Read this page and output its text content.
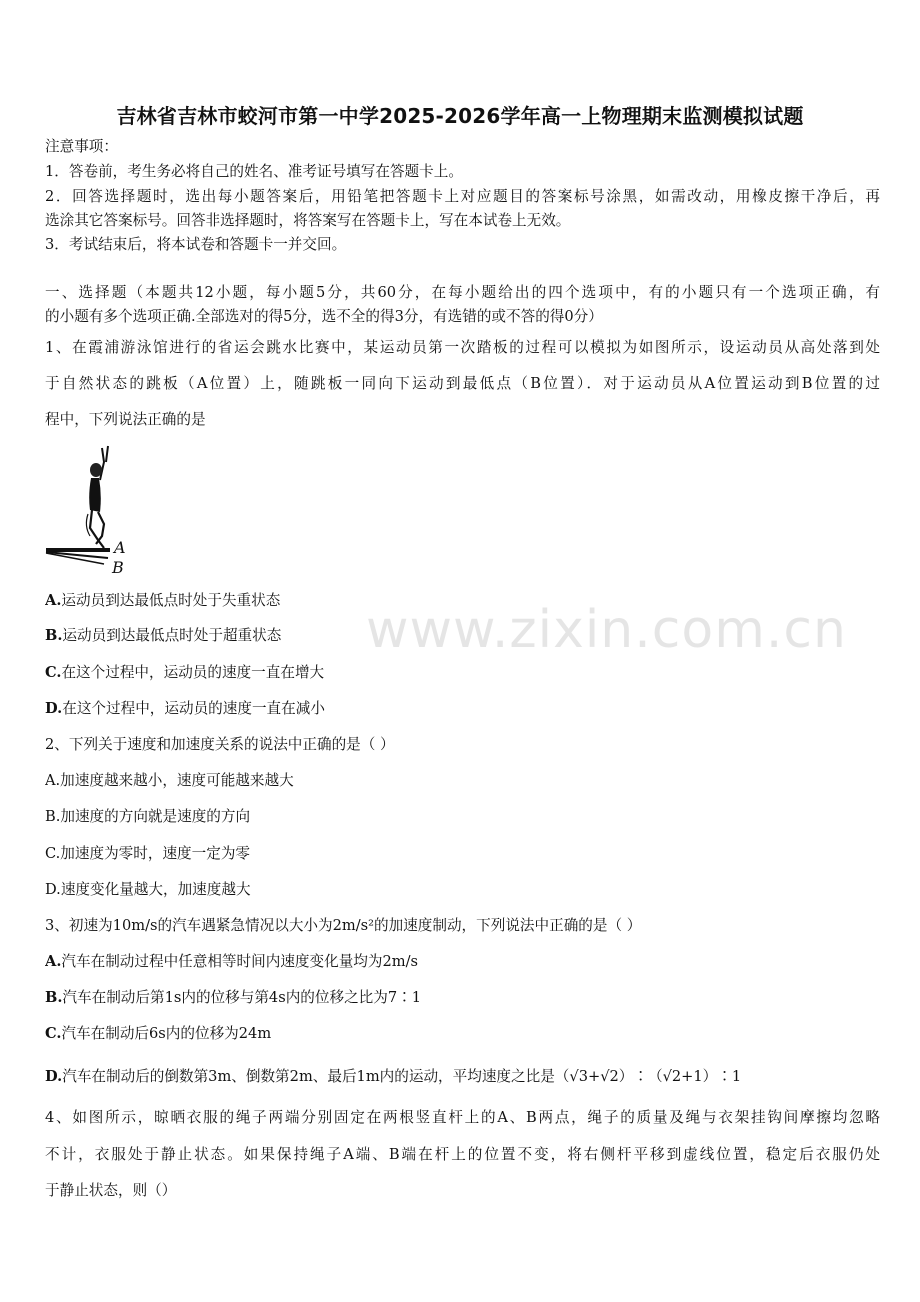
吉林省吉林市蛟河市第一中学2025-2026学年高一上物理期末监测模拟试题
注意事项：
1．答卷前，考生务必将自己的姓名、准考证号填写在答题卡上。
2．回答选择题时，选出每小题答案后，用铅笔把答题卡上对应题目的答案标号涂黑，如需改动，用橡皮擦干净后，再
选涂其它答案标号。回答非选择题时，将答案写在答题卡上，写在本试卷上无效。
3．考试结束后，将本试卷和答题卡一并交回。
一、选择题（本题共12小题，每小题5分，共60分，在每小题给出的四个选项中，有的小题只有一个选项正确，有
的小题有多个选项正确.全部选对的得5分，选不全的得3分，有选错的或不答的得0分）
1、在霞浦游泳馆进行的省运会跳水比赛中，某运动员第一次踏板的过程可以模拟为如图所示，设运动员从高处落到处
于自然状态的跳板（A位置）上，随跳板一同向下运动到最低点（B位置）．对于运动员从A位置运动到B位置的过
程中，下列说法正确的是
A
B
A.运动员到达最低点时处于失重状态
B.运动员到达最低点时处于超重状态
C.在这个过程中，运动员的速度一直在增大
D.在这个过程中，运动员的速度一直在减小
2、下列关于速度和加速度关系的说法中正确的是（ ）
A.加速度越来越小，速度可能越来越大
B.加速度的方向就是速度的方向
C.加速度为零时，速度一定为零
D.速度变化量越大，加速度越大
3、初速为10m/s的汽车遇紧急情况以大小为2m/s²的加速度制动，下列说法中正确的是（ ）
A.汽车在制动过程中任意相等时间内速度变化量均为2m/s
B.汽车在制动后第1s内的位移与第4s内的位移之比为7∶1
C.汽车在制动后6s内的位移为24m
D.汽车在制动后的倒数第3m、倒数第2m、最后1m内的运动，平均速度之比是（√3+√2）∶（√2+1）∶1
4、如图所示，晾晒衣服的绳子两端分别固定在两根竖直杆上的A、B两点，绳子的质量及绳与衣架挂钩间摩擦均忽略
不计，衣服处于静止状态。如果保持绳子A端、B端在杆上的位置不变，将右侧杆平移到虚线位置，稳定后衣服仍处
于静止状态，则（）
www.zixin.com.cn
